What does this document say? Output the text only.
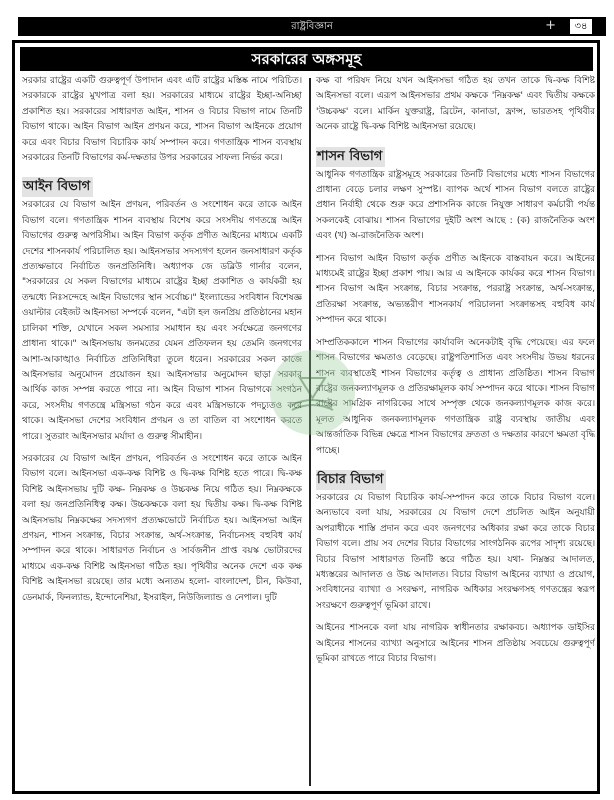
রাষ্ট্রবিজ্ঞান	+	৩৪
সরকারের অঙ্গসমূহ

সরকার রাষ্ট্রের একটি গুরুত্বপূর্ণ উপাদান এবং এটি রাষ্ট্রের মস্তিষ্ক নামে পরিচিত। সরকারকে রাষ্ট্রের মুখপাত্র বলা হয়। সরকারের মাধ্যমে রাষ্ট্রের ইচ্ছা-অনিচ্ছা প্রকাশিত হয়। সরকারের সাধারণত আইন, শাসন ও বিচার বিভাগ নামে তিনটি বিভাগ থাকে। আইন বিভাগ আইন প্রণয়ন করে, শাসন বিভাগ আইনকে প্রয়োগ করে এবং বিচার বিভাগ বিচারিক কার্য সম্পাদন করে। গণতান্ত্রিক শাসন ব্যবস্থায় সরকারের তিনটি বিভাগের কর্ম-দক্ষতার উপর সরকারের সাফল্য নির্ভর করে।

আইন বিভাগ

সরকারের যে বিভাগ আইন প্রণয়ন, পরিবর্তন ও সংশোধন করে তাকে আইন বিভাগ বলে। গণতান্ত্রিক শাসন ব্যবস্থায় বিশেষ করে সংসদীয় গণতন্ত্রে আইন বিভাগের গুরুত্ব অপরিসীম। আইন বিভাগ কর্তৃক প্রণীত আইনের মাধ্যমে একটি দেশের শাসনকার্য পরিচালিত হয়। আইনসভার সদস্যগণ হলেন জনসাধারণ কর্তৃক প্রত্যক্ষভাবে নির্বাচিত জনপ্রতিনিধি। অধ্যাপক জে ডব্লিউ গার্নার বলেন, "সরকারের যে সকল বিভাগের মাধ্যমে রাষ্ট্রের ইচ্ছা প্রকাশিত ও কার্যকরী হয় তন্মধ্যে নিঃসন্দেহে আইন বিভাগের স্থান সর্বোচ্চ।" ইংল্যান্ডের সংবিধান বিশেষজ্ঞ ওয়াল্টার বেইজট আইনসভা সম্পর্কে বলেন, "এটা হল জনপ্রিয় প্রতিষ্ঠানের মহান চালিকা শক্তি, যেখানে সকল সমস্যার সমাধান হয় এবং সর্বক্ষেত্রে জনগণের প্রাধান্য থাকে।" আইনসভায় জনমতের যেমন প্রতিফলন হয় তেমনি জনগণের আশা-আকাঙ্খাও নির্বাচিত প্রতিনিধিরা তুলে ধরেন। সরকারের সকল কাজে আইনসভার অনুমোদন প্রয়োজন হয়। আইনসভার অনুমোদন ছাড়া সরকার আর্থিক কাজ সম্পন্ন করতে পারে না। আইন বিভাগ শাসন বিভাগকে সংগঠন করে, সংসদীয় গণতন্ত্রে মন্ত্রিসভা গঠন করে এবং মন্ত্রিসভাকে পদচ্যুতও করে থাকে। আইনসভা দেশের সংবিধান প্রণয়ন ও তা বাতিল বা সংশোধন করতে পারে। সুতরাং আইনসভার মর্যাদা ও গুরুত্ব সীমাহীন।

সরকারের যে বিভাগ আইন প্রণয়ন, পরিবর্তন ও সংশোধন করে তাকে আইন বিভাগ বলে। আইনসভা এক-কক্ষ বিশিষ্ট ও দ্বি-কক্ষ বিশিষ্ট হতে পারে। দ্বি-কক্ষ বিশিষ্ট আইনসভায় দুটি কক্ষ- নিম্নকক্ষ ও উচ্চকক্ষ নিয়ে গঠিত হয়। নিম্নকক্ষকে বলা হয় জনপ্রতিনিধিত্ব কক্ষ। উচ্চকক্ষকে বলা হয় দ্বিতীয় কক্ষ। দ্বি-কক্ষ বিশিষ্ট আইনসভায় নিম্নকক্ষের সদস্যগণ প্রত্যক্ষভোটে নির্বাচিত হয়। আইনসভা আইন প্রণয়ন, শাসন সংক্রান্ত, বিচার সংক্রান্ত, অর্থ-সংক্রান্ত, নির্বাচনসহ বহুবিধ কার্য সম্পাদন করে থাকে। সাধারণত নির্বাচন ও সার্বজনীন প্রাপ্ত বয়স্ক ভোটারদের মাধ্যমে এক-কক্ষ বিশিষ্ট আইনসভা গঠিত হয়। পৃথিবীর অনেক দেশে এক কক্ষ বিশিষ্ট আইনসভা রয়েছে। তার মধ্যে অন্যতম হলো- বাংলাদেশ, চীন, কিউবা, ডেনমার্ক, ফিনল্যান্ড, ইন্দোনেশিয়া, ইসরাইল, নিউজিল্যান্ড ও নেপাল। দুটি

কক্ষ বা পরিষদ নিয়ে যখন আইনসভা গঠিত হয় তখন তাকে দ্বি-কক্ষ বিশিষ্ট আইনসভা বলে। এরূপ আইনসভার প্রথম কক্ষকে 'নিম্নকক্ষ' এবং দ্বিতীয় কক্ষকে 'উচ্চকক্ষ' বলে। মার্কিন যুক্তরাষ্ট্র, ব্রিটেন, কানাডা, ফ্রান্স, ভারতসহ পৃথিবীর অনেক রাষ্ট্রে দ্বি-কক্ষ বিশিষ্ট আইনসভা রয়েছে।

শাসন বিভাগ

আধুনিক গণতান্ত্রিক রাষ্ট্রসমূহে সরকারের তিনটি বিভাগের মধ্যে শাসন বিভাগের প্রাধান্য বেড়ে চলার লক্ষণ সুস্পষ্ট। ব্যাপক অর্থে শাসন বিভাগ বলতে রাষ্ট্রের প্রধান নির্বাহী থেকে শুরু করে প্রশাসনিক কাজে নিযুক্ত সাধারণ কর্মচারী পর্যন্ত সকলকেই বোঝায়। শাসন বিভাগের দুইটি অংশ আছে : (ক) রাজনৈতিক অংশ এবং (খ) অ-রাজনৈতিক অংশ।

শাসন বিভাগ আইন বিভাগ কর্তৃক প্রণীত আইনকে বাস্তবায়ন করে। আইনের মাধ্যমেই রাষ্ট্রের ইচ্ছা প্রকাশ পায়। আর এ আইনকে কার্যকর করে শাসন বিভাগ। শাসন বিভাগ আইন সংক্রান্ত, বিচার সংক্রান্ত, পররাষ্ট্র সংক্রান্ত, অর্থ-সংক্রান্ত, প্রতিরক্ষা সংক্রান্ত, অভ্যন্তরীণ শাসনকার্য পরিচালনা সংক্রান্তসহ বহুবিধ কার্য সম্পাদন করে থাকে।

সাম্প্রতিককালে শাসন বিভাগের কার্যাবলি অনেকটাই বৃদ্ধি পেয়েছে। এর ফলে শাসন বিভাগের ক্ষমতাও বেড়েছে। রাষ্ট্রপতিশাসিত এবং সংসদীয় উভয় ধরনের শাসন ব্যবস্থাতেই শাসন বিভাগের কর্তৃত্ব ও প্রাধান্য প্রতিষ্ঠিত। শাসন বিভাগ রাষ্ট্রের জনকল্যাণমূলক ও প্রতিরক্ষামূলক কার্য সম্পাদন করে থাকে। শাসন বিভাগ রাষ্ট্রের সামগ্রিক নাগরিকের সাথে সম্পৃক্ত থেকে জনকল্যাণমূলক কাজ করে। মূলত আধুনিক জনকল্যাণমূলক গণতান্ত্রিক রাষ্ট্র ব্যবস্থায় জাতীয় এবং আন্তর্জাতিক বিভিন্ন ক্ষেত্রে শাসন বিভাগের দ্রুততা ও দক্ষতার কারণে ক্ষমতা বৃদ্ধি পাচ্ছে।

বিচার বিভাগ

সরকারের যে বিভাগ বিচারিক কার্য-সম্পাদন করে তাকে বিচার বিভাগ বলে। অন্যভাবে বলা যায়, সরকারের যে বিভাগ দেশে প্রচলিত আইন অনুযায়ী অপরাধীকে শাস্তি প্রদান করে এবং জনগণের অধিকার রক্ষা করে তাকে বিচার বিভাগ বলে। প্রায় সব দেশের বিচার বিভাগের সাংগঠনিক রূপের সাদৃশ্য রয়েছে। বিচার বিভাগ সাধারণত তিনটি স্তরে গঠিত হয়। যথা- নিম্নস্তর আদালত, মধ্যস্তরের আদালত ও উচ্চ আদালত। বিচার বিভাগ আইনের ব্যাখ্যা ও প্রয়োগ, সংবিধানের ব্যাখ্যা ও সংরক্ষণ, নাগরিক অধিকার সংরক্ষণসহ গণতন্ত্রের স্বরূপ সংরক্ষণে গুরুত্বপূর্ণ ভূমিকা রাখে।

আইনের শাসনকে বলা যায় নাগরিক স্বাধীনতার রক্ষাকবচ। অধ্যাপক ডাইসির আইনের শাসনের ব্যাখ্যা অনুসারে আইনের শাসন প্রতিষ্ঠায় সবচেয়ে গুরুত্বপূর্ণ ভূমিকা রাখতে পারে বিচার বিভাগ।
